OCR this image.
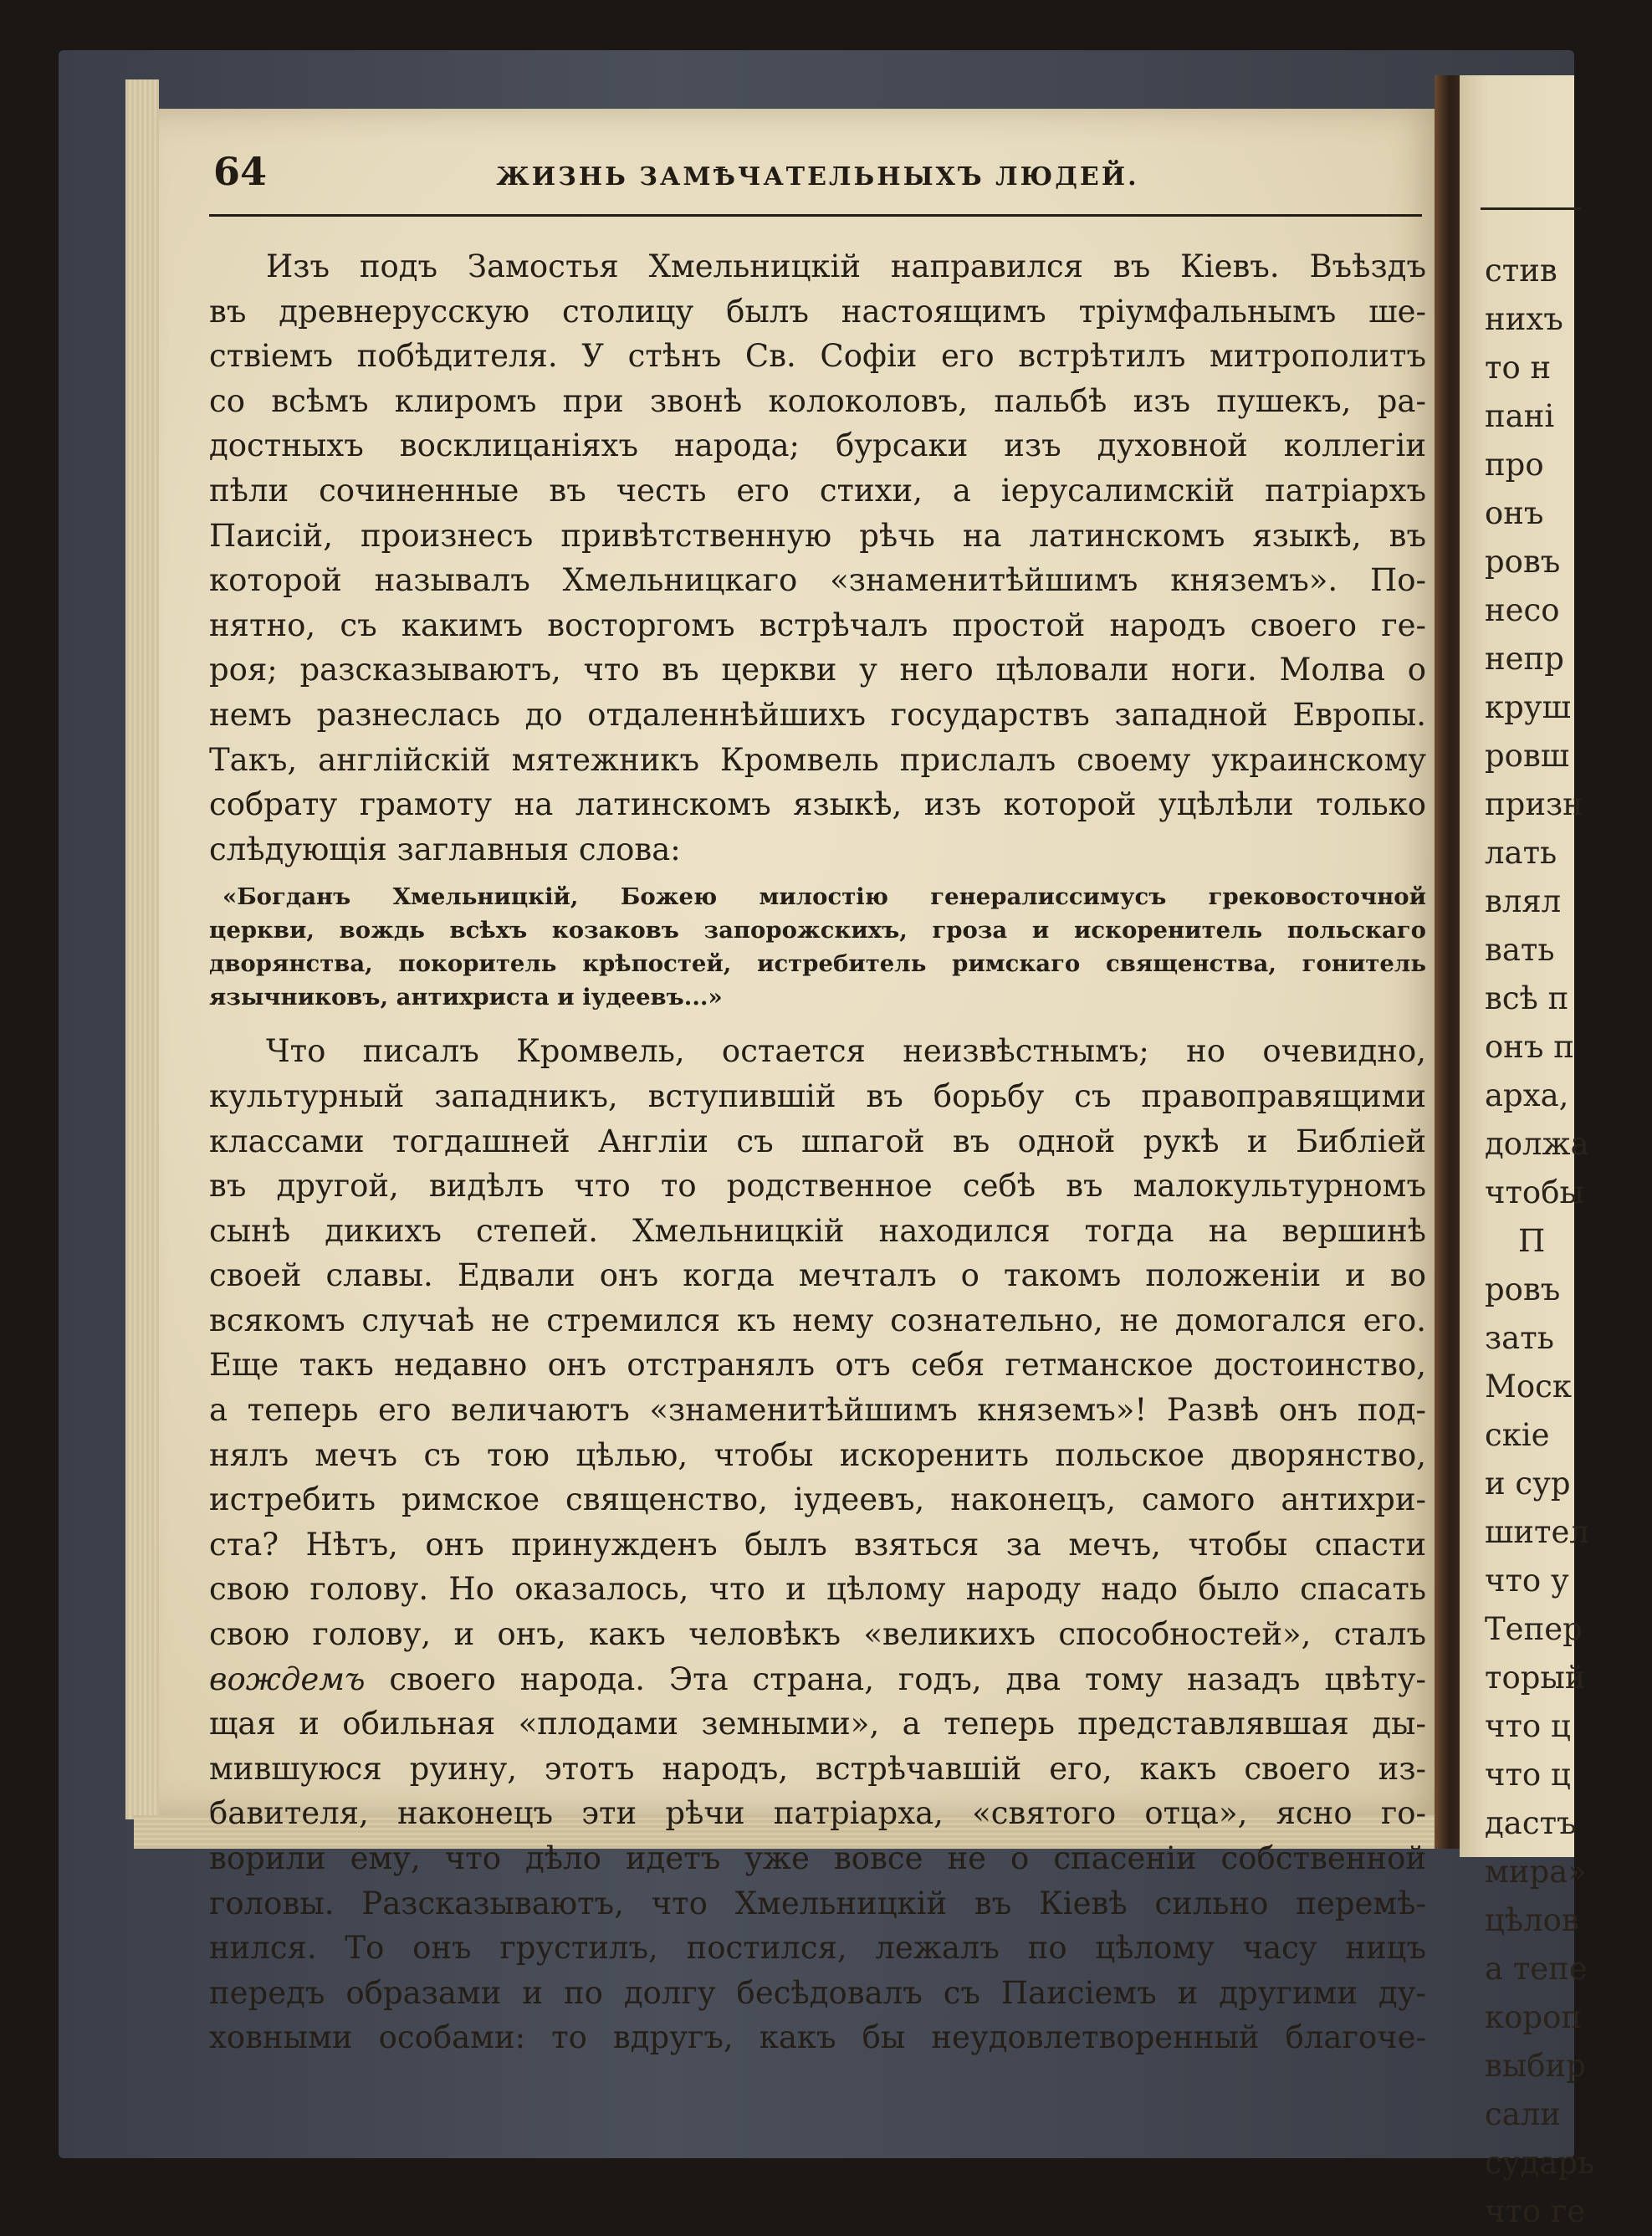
стив
нихъ
то н
пані
про
онъ
ровъ
несо
непр
круш
ровш
призн
лать
влял
вать
всѣ п
онъ п
арха,
должа
чтобы
П
ровъ
зать
Моск
скіе
и сур
шител
что у
Тепер
торый
что ц
что ц
дастъ
мира»
цѣлов
а тепе
короп
выбир
сали
сударь
что ге
64	ЖИЗНЬ ЗАМѢЧАТЕЛЬНЫХЪ ЛЮДЕЙ.
Изъ подъ Замостья Хмельницкій направился въ Кіевъ. Въѣздъ
въ древнерусскую столицу былъ настоящимъ тріумфальнымъ ше-
ствіемъ побѣдителя. У стѣнъ Св. Софіи его встрѣтилъ митрополитъ
со всѣмъ клиромъ при звонѣ колоколовъ, пальбѣ изъ пушекъ, ра-
достныхъ восклицаніяхъ народа; бурсаки изъ духовной коллегіи
пѣли сочиненные въ честь его стихи, а іерусалимскій патріархъ
Паисій, произнесъ привѣтственную рѣчь на латинскомъ языкѣ, въ
которой называлъ Хмельницкаго «знаменитѣйшимъ княземъ». По-
нятно, съ какимъ восторгомъ встрѣчалъ простой народъ своего ге-
роя; разсказываютъ, что въ церкви у него цѣловали ноги. Молва о
немъ разнеслась до отдаленнѣйшихъ государствъ западной Европы.
Такъ, англійскій мятежникъ Кромвель прислалъ своему украинскому
собрату грамоту на латинскомъ языкѣ, изъ которой уцѣлѣли только
слѣдующія заглавныя слова:
«Богданъ Хмельницкій, Божею милостію генералиссимусъ грековосточной
церкви, вождь всѣхъ козаковъ запорожскихъ, гроза и искоренитель польскаго
дворянства, покоритель крѣпостей, истребитель римскаго священства, гонитель
язычниковъ, антихриста и іудеевъ...»
Что писалъ Кромвель, остается неизвѣстнымъ; но очевидно,
культурный западникъ, вступившій въ борьбу съ правоправящими
классами тогдашней Англіи съ шпагой въ одной рукѣ и Библіей
въ другой, видѣлъ что то родственное себѣ въ малокультурномъ
сынѣ дикихъ степей. Хмельницкій находился тогда на вершинѣ
своей славы. Едвали онъ когда мечталъ о такомъ положеніи и во
всякомъ случаѣ не стремился къ нему сознательно, не домогался его.
Еще такъ недавно онъ отстранялъ отъ себя гетманское достоинство,
а теперь его величаютъ «знаменитѣйшимъ княземъ»! Развѣ онъ под-
нялъ мечъ съ тою цѣлью, чтобы искоренить польское дворянство,
истребить римское священство, іудеевъ, наконецъ, самого антихри-
ста? Нѣтъ, онъ принужденъ былъ взяться за мечъ, чтобы спасти
свою голову. Но оказалось, что и цѣлому народу надо было спасать
свою голову, и онъ, какъ человѣкъ «великихъ способностей», сталъ
вождемъ своего народа. Эта страна, годъ, два тому назадъ цвѣту-
щая и обильная «плодами земными», а теперь представлявшая ды-
мившуюся руину, этотъ народъ, встрѣчавшій его, какъ своего из-
бавителя, наконецъ эти рѣчи патріарха, «святого отца», ясно го-
ворили ему, что дѣло идетъ уже вовсе не о спасеніи собственной
головы. Разсказываютъ, что Хмельницкій въ Кіевѣ сильно перемѣ-
нился. То онъ грустилъ, постился, лежалъ по цѣлому часу ницъ
передъ образами и по долгу бесѣдовалъ съ Паисіемъ и другими ду-
ховными особами: то вдругъ, какъ бы неудовлетворенный благоче-
